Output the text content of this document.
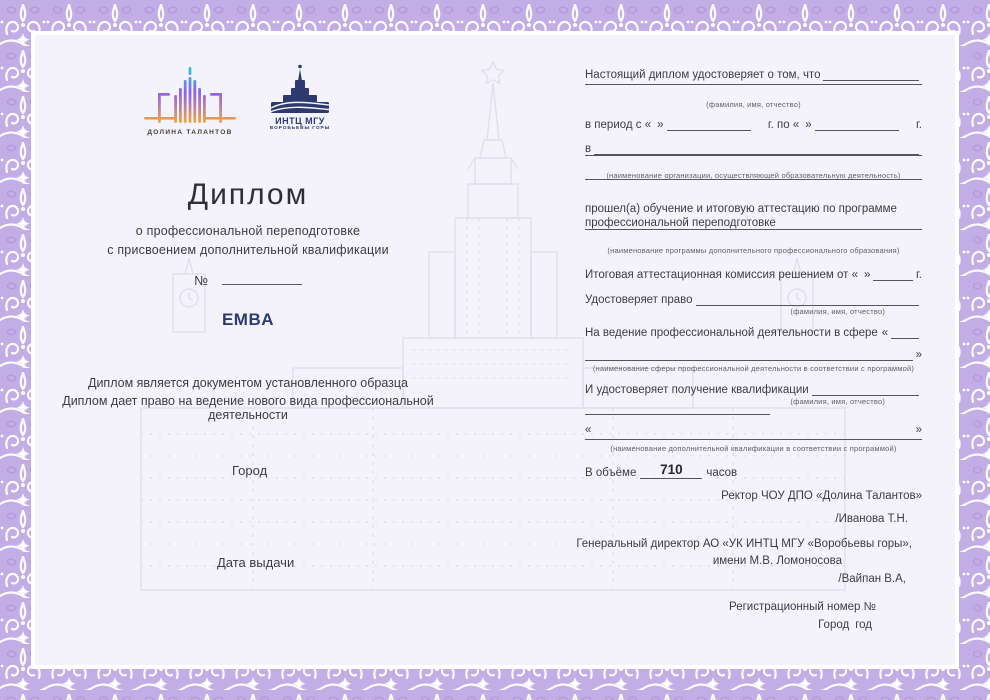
ДОЛИНА ТАЛАНТОВ
ИНТЦ МГУ
ВОРОБЬЕВЫ ГОРЫ
Диплом
о профессиональной переподготовке
с присвоением дополнительной квалификации
№
EMBA
Диплом является документом установленного образца
Диплом дает право на ведение нового вида профессиональной деятельности
Город
Дата выдачи
Настоящий диплом удостоверяет о том, что
(фамилия, имя, отчество)
в период с « »	г. по « »	г.
в
(наименование организации, осуществляющей образовательную деятельность)
прошел(а) обучение и итоговую аттестацию по программе
профессиональной переподготовке
(наименование программы дополнительного профессионального образования)
Итоговая аттестационная комиссия решением от « »	г.
Удостоверяет право
(фамилия, имя, отчество)
На ведение профессиональной деятельности в сфере «
»
(наименование сферы профессиональной деятельности в соответствии с программой)
И удостоверяет получение квалификации
(фамилия, имя, отчество)
«	»
(наименование дополнительной квалификации в соответствии с программой)
В объёме	710	часов
Ректор ЧОУ ДПО «Долина Талантов»
/Иванова Т.Н.
Генеральный директор АО «УК ИНТЦ МГУ «Воробьевы горы»,
имени М.В. Ломоносова
/Вайпан В.А,
Регистрационный номер №
Город год
